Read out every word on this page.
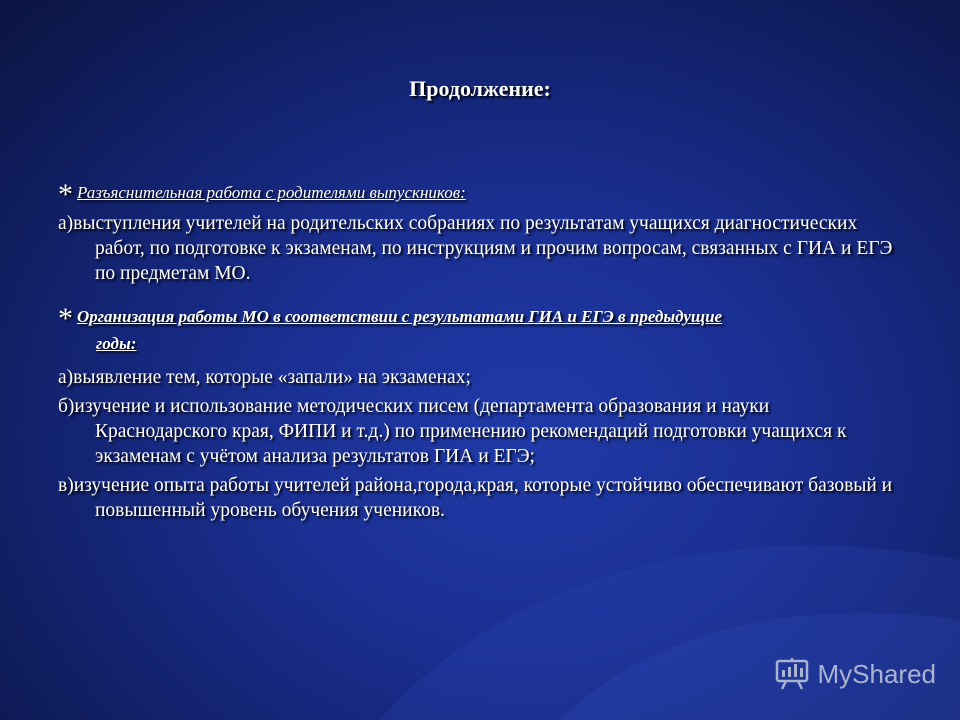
Продолжение:
* Разъяснительная работа с родителями выпускников:
а)выступления учителей на родительских собраниях по результатам учащихся диагностических работ, по подготовке к экзаменам, по инструкциям и прочим вопросам, связанных с ГИА и ЕГЭ по предметам МО.
* Организация работы МО в соответствии с результатами ГИА и ЕГЭ в предыдущие
годы:
а)выявление тем, которые «запали» на экзаменах;
б)изучение и использование методических писем (департамента образования и науки Краснодарского края, ФИПИ и т.д.) по применению рекомендаций подготовки учащихся к экзаменам с учётом анализа результатов ГИА и ЕГЭ;
в)изучение опыта работы учителей района,города,края, которые устойчиво обеспечивают базовый и повышенный уровень обучения учеников.
MyShared
